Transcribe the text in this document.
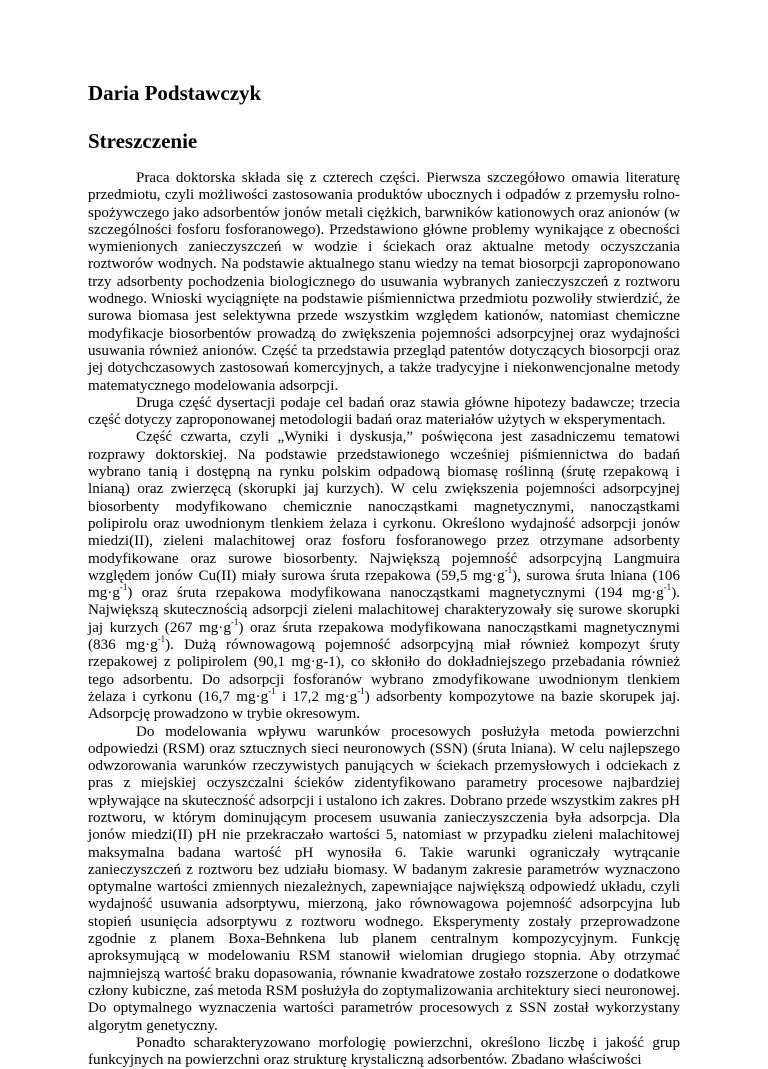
Daria Podstawczyk
Streszczenie

Praca doktorska składa się z czterech części. Pierwsza szczegółowo omawia literaturę przedmiotu, czyli możliwości zastosowania produktów ubocznych i odpadów z przemysłu rolno-spożywczego jako adsorbentów jonów metali ciężkich, barwników kationowych oraz anionów (w szczególności fosforu fosforanowego). Przedstawiono główne problemy wynikające z obecności wymienionych zanieczyszczeń w wodzie i ściekach oraz aktualne metody oczyszczania roztworów wodnych. Na podstawie aktualnego stanu wiedzy na temat biosorpcji zaproponowano trzy adsorbenty pochodzenia biologicznego do usuwania wybranych zanieczyszczeń z roztworu wodnego. Wnioski wyciągnięte na podstawie piśmiennictwa przedmiotu pozwoliły stwierdzić, że surowa biomasa jest selektywna przede wszystkim względem kationów, natomiast chemiczne modyfikacje biosorbentów prowadzą do zwiększenia pojemności adsorpcyjnej oraz wydajności usuwania również anionów. Część ta przedstawia przegląd patentów dotyczących biosorpcji oraz jej dotychczasowych zastosowań komercyjnych, a także tradycyjne i niekonwencjonalne metody matematycznego modelowania adsorpcji.

Druga część dysertacji podaje cel badań oraz stawia główne hipotezy badawcze; trzecia część dotyczy zaproponowanej metodologii badań oraz materiałów użytych w eksperymentach.

Część czwarta, czyli „Wyniki i dyskusja,” poświęcona jest zasadniczemu tematowi rozprawy doktorskiej. Na podstawie przedstawionego wcześniej piśmiennictwa do badań wybrano tanią i dostępną na rynku polskim odpadową biomasę roślinną (śrutę rzepakową i lnianą) oraz zwierzęcą (skorupki jaj kurzych). W celu zwiększenia pojemności adsorpcyjnej biosorbenty modyfikowano chemicznie nanocząstkami magnetycznymi, nanocząstkami polipirolu oraz uwodnionym tlenkiem żelaza i cyrkonu. Określono wydajność adsorpcji jonów miedzi(II), zieleni malachitowej oraz fosforu fosforanowego przez otrzymane adsorbenty modyfikowane oraz surowe biosorbenty. Największą pojemność adsorpcyjną Langmuira względem jonów Cu(II) miały surowa śruta rzepakowa (59,5 $mg\cdot g^{-1}$), surowa śruta lniana (106 $mg\cdot g^{-1}$) oraz śruta rzepakowa modyfikowana nanocząstkami magnetycznymi (194 $mg\cdot g^{-1}$). Największą skutecznością adsorpcji zieleni malachitowej charakteryzowały się surowe skorupki jaj kurzych (267 $mg\cdot g^{-1}$) oraz śruta rzepakowa modyfikowana nanocząstkami magnetycznymi (836 $mg\cdot g^{-1}$). Dużą równowagową pojemność adsorpcyjną miał również kompozyt śruty rzepakowej z polipirolem (90,1 mg·g-1), co skłoniło do dokładniejszego przebadania również tego adsorbentu. Do adsorpcji fosforanów wybrano zmodyfikowane uwodnionym tlenkiem żelaza i cyrkonu (16,7 $mg\cdot g^{-1}$ i 17,2 $mg\cdot g^{-1}$) adsorbenty kompozytowe na bazie skorupek jaj. Adsorpcję prowadzono w trybie okresowym.

Do modelowania wpływu warunków procesowych posłużyła metoda powierzchni odpowiedzi (RSM) oraz sztucznych sieci neuronowych (SSN) (śruta lniana). W celu najlepszego odwzorowania warunków rzeczywistych panujących w ściekach przemysłowych i odciekach z pras z miejskiej oczyszczalni ścieków zidentyfikowano parametry procesowe najbardziej wpływające na skuteczność adsorpcji i ustalono ich zakres. Dobrano przede wszystkim zakres pH roztworu, w którym dominującym procesem usuwania zanieczyszczenia była adsorpcja. Dla jonów miedzi(II) pH nie przekraczało wartości 5, natomiast w przypadku zieleni malachitowej maksymalna badana wartość pH wynosiła 6. Takie warunki ograniczały wytrącanie zanieczyszczeń z roztworu bez udziału biomasy. W badanym zakresie parametrów wyznaczono optymalne wartości zmiennych niezależnych, zapewniające największą odpowiedź układu, czyli wydajność usuwania adsorptywu, mierzoną, jako równowagowa pojemność adsorpcyjna lub stopień usunięcia adsorptywu z roztworu wodnego. Eksperymenty zostały przeprowadzone zgodnie z planem Boxa-Behnkena lub planem centralnym kompozycyjnym. Funkcję aproksymującą w modelowaniu RSM stanowił wielomian drugiego stopnia. Aby otrzymać najmniejszą wartość braku dopasowania, równanie kwadratowe zostało rozszerzone o dodatkowe człony kubiczne, zaś metoda RSM posłużyła do zoptymalizowania architektury sieci neuronowej. Do optymalnego wyznaczenia wartości parametrów procesowych z SSN został wykorzystany algorytm genetyczny.

Ponadto scharakteryzowano morfologię powierzchni, określono liczbę i jakość grup funkcyjnych na powierzchni oraz strukturę krystaliczną adsorbentów. Zbadano właściwości
